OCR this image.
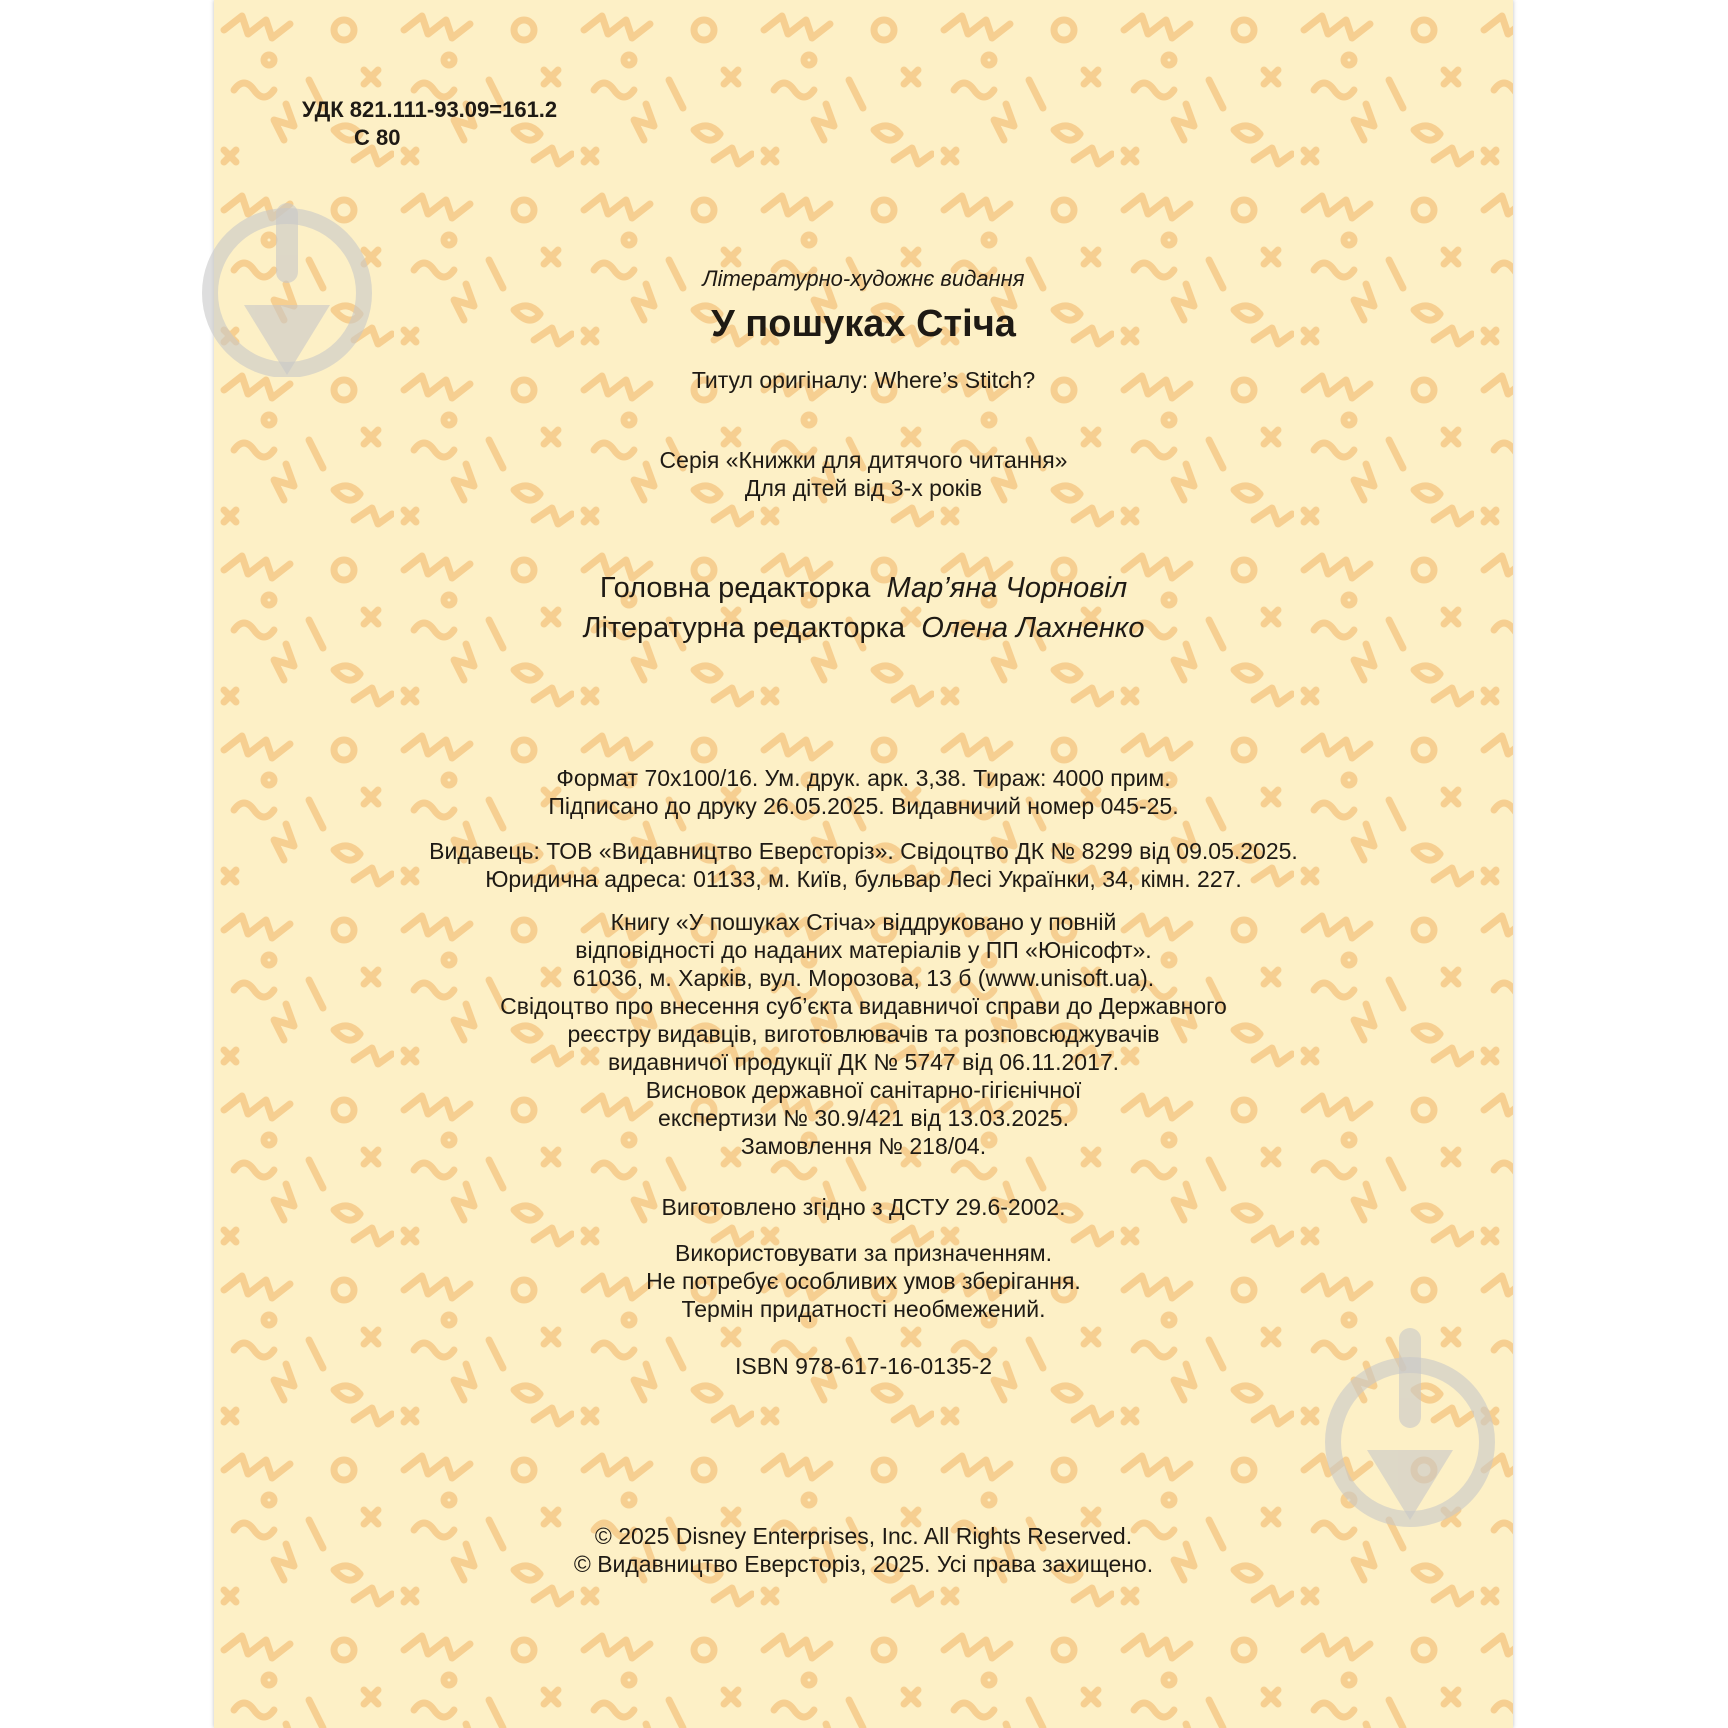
УДК 821.111-93.09=161.2
С 80
Літературно-художнє видання
У пошуках Стіча
Титул оригіналу: Where’s Stitch?
Серія «Книжки для дитячого читання»
Для дітей від 3-х років
Головна редакторка Мар’яна Чорновіл
Літературна редакторка Олена Лахненко
Формат 70x100/16. Ум. друк. арк. 3,38. Тираж: 4000 прим.
Підписано до друку 26.05.2025. Видавничий номер 045-25.
Видавець: ТОВ «Видавництво Еверсторіз». Свідоцтво ДК № 8299 від 09.05.2025.
Юридична адреса: 01133, м. Київ, бульвар Лесі Українки, 34, кімн. 227.
Книгу «У пошуках Стіча» віддруковано у повній
відповідності до наданих матеріалів у ПП «Юнісофт».
61036, м. Харків, вул. Морозова, 13 б (www.unisoft.ua).
Свідоцтво про внесення суб’єкта видавничої справи до Державного
реєстру видавців, виготовлювачів та розповсюджувачів
видавничої продукції ДК № 5747 від 06.11.2017.
Висновок державної санітарно-гігієнічної
експертизи № 30.9/421 від 13.03.2025.
Замовлення № 218/04.
Виготовлено згідно з ДСТУ 29.6-2002.
Використовувати за призначенням.
Не потребує особливих умов зберігання.
Термін придатності необмежений.
ISBN 978-617-16-0135-2
© 2025 Disney Enterprises, Inc. All Rights Reserved.
© Видавництво Еверсторіз, 2025. Усі права захищено.
